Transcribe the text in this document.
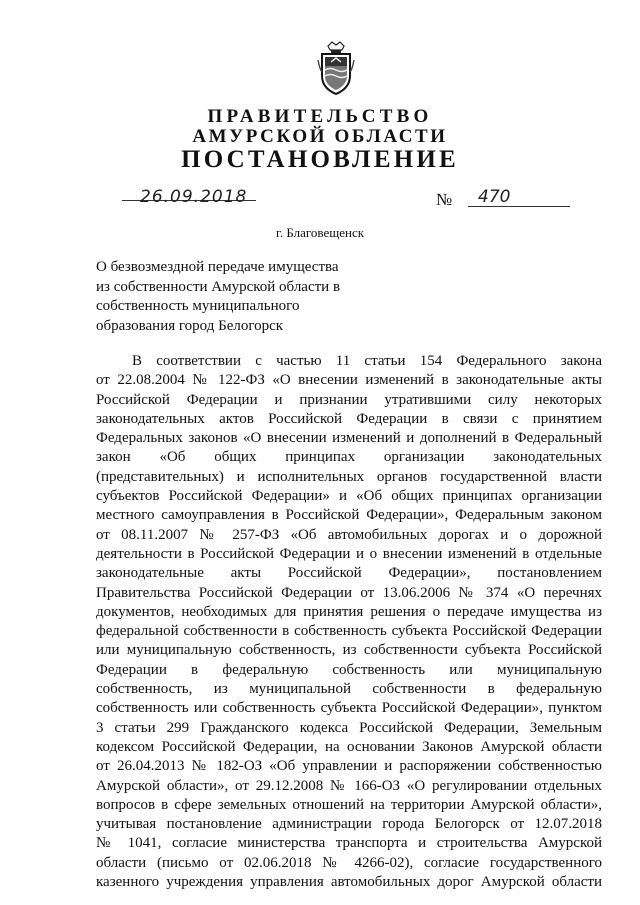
ПРАВИТЕЛЬСТВО
АМУРСКОЙ ОБЛАСТИ
ПОСТАНОВЛЕНИЕ
26.09.2018	№ 470
г. Благовещенск
О безвозмездной передаче имущества
из собственности Амурской области в
собственность муниципального
образования город Белогорск
В соответствии с частью 11 статьи 154 Федерального закона
от 22.08.2004 № 122-ФЗ «О внесении изменений в законодательные акты
Российской Федерации и признании утратившими силу некоторых
законодательных актов Российской Федерации в связи с принятием
Федеральных законов «О внесении изменений и дополнений в Федеральный
закон «Об общих принципах организации законодательных
(представительных) и исполнительных органов государственной власти
субъектов Российской Федерации» и «Об общих принципах организации
местного самоуправления в Российской Федерации», Федеральным законом
от 08.11.2007 № 257-ФЗ «Об автомобильных дорогах и о дорожной
деятельности в Российской Федерации и о внесении изменений в отдельные
законодательные акты Российской Федерации», постановлением
Правительства Российской Федерации от 13.06.2006 № 374 «О перечнях
документов, необходимых для принятия решения о передаче имущества из
федеральной собственности в собственность субъекта Российской Федерации
или муниципальную собственность, из собственности субъекта Российской
Федерации в федеральную собственность или муниципальную
собственность, из муниципальной собственности в федеральную
собственность или собственность субъекта Российской Федерации», пунктом
3 статьи 299 Гражданского кодекса Российской Федерации, Земельным
кодексом Российской Федерации, на основании Законов Амурской области
от 26.04.2013 № 182-ОЗ «Об управлении и распоряжении собственностью
Амурской области», от 29.12.2008 № 166-ОЗ «О регулировании отдельных
вопросов в сфере земельных отношений на территории Амурской области»,
учитывая постановление администрации города Белогорск от 12.07.2018
№ 1041, согласие министерства транспорта и строительства Амурской
области (письмо от 02.06.2018 № 4266-02), согласие государственного
казенного учреждения управления автомобильных дорог Амурской области
